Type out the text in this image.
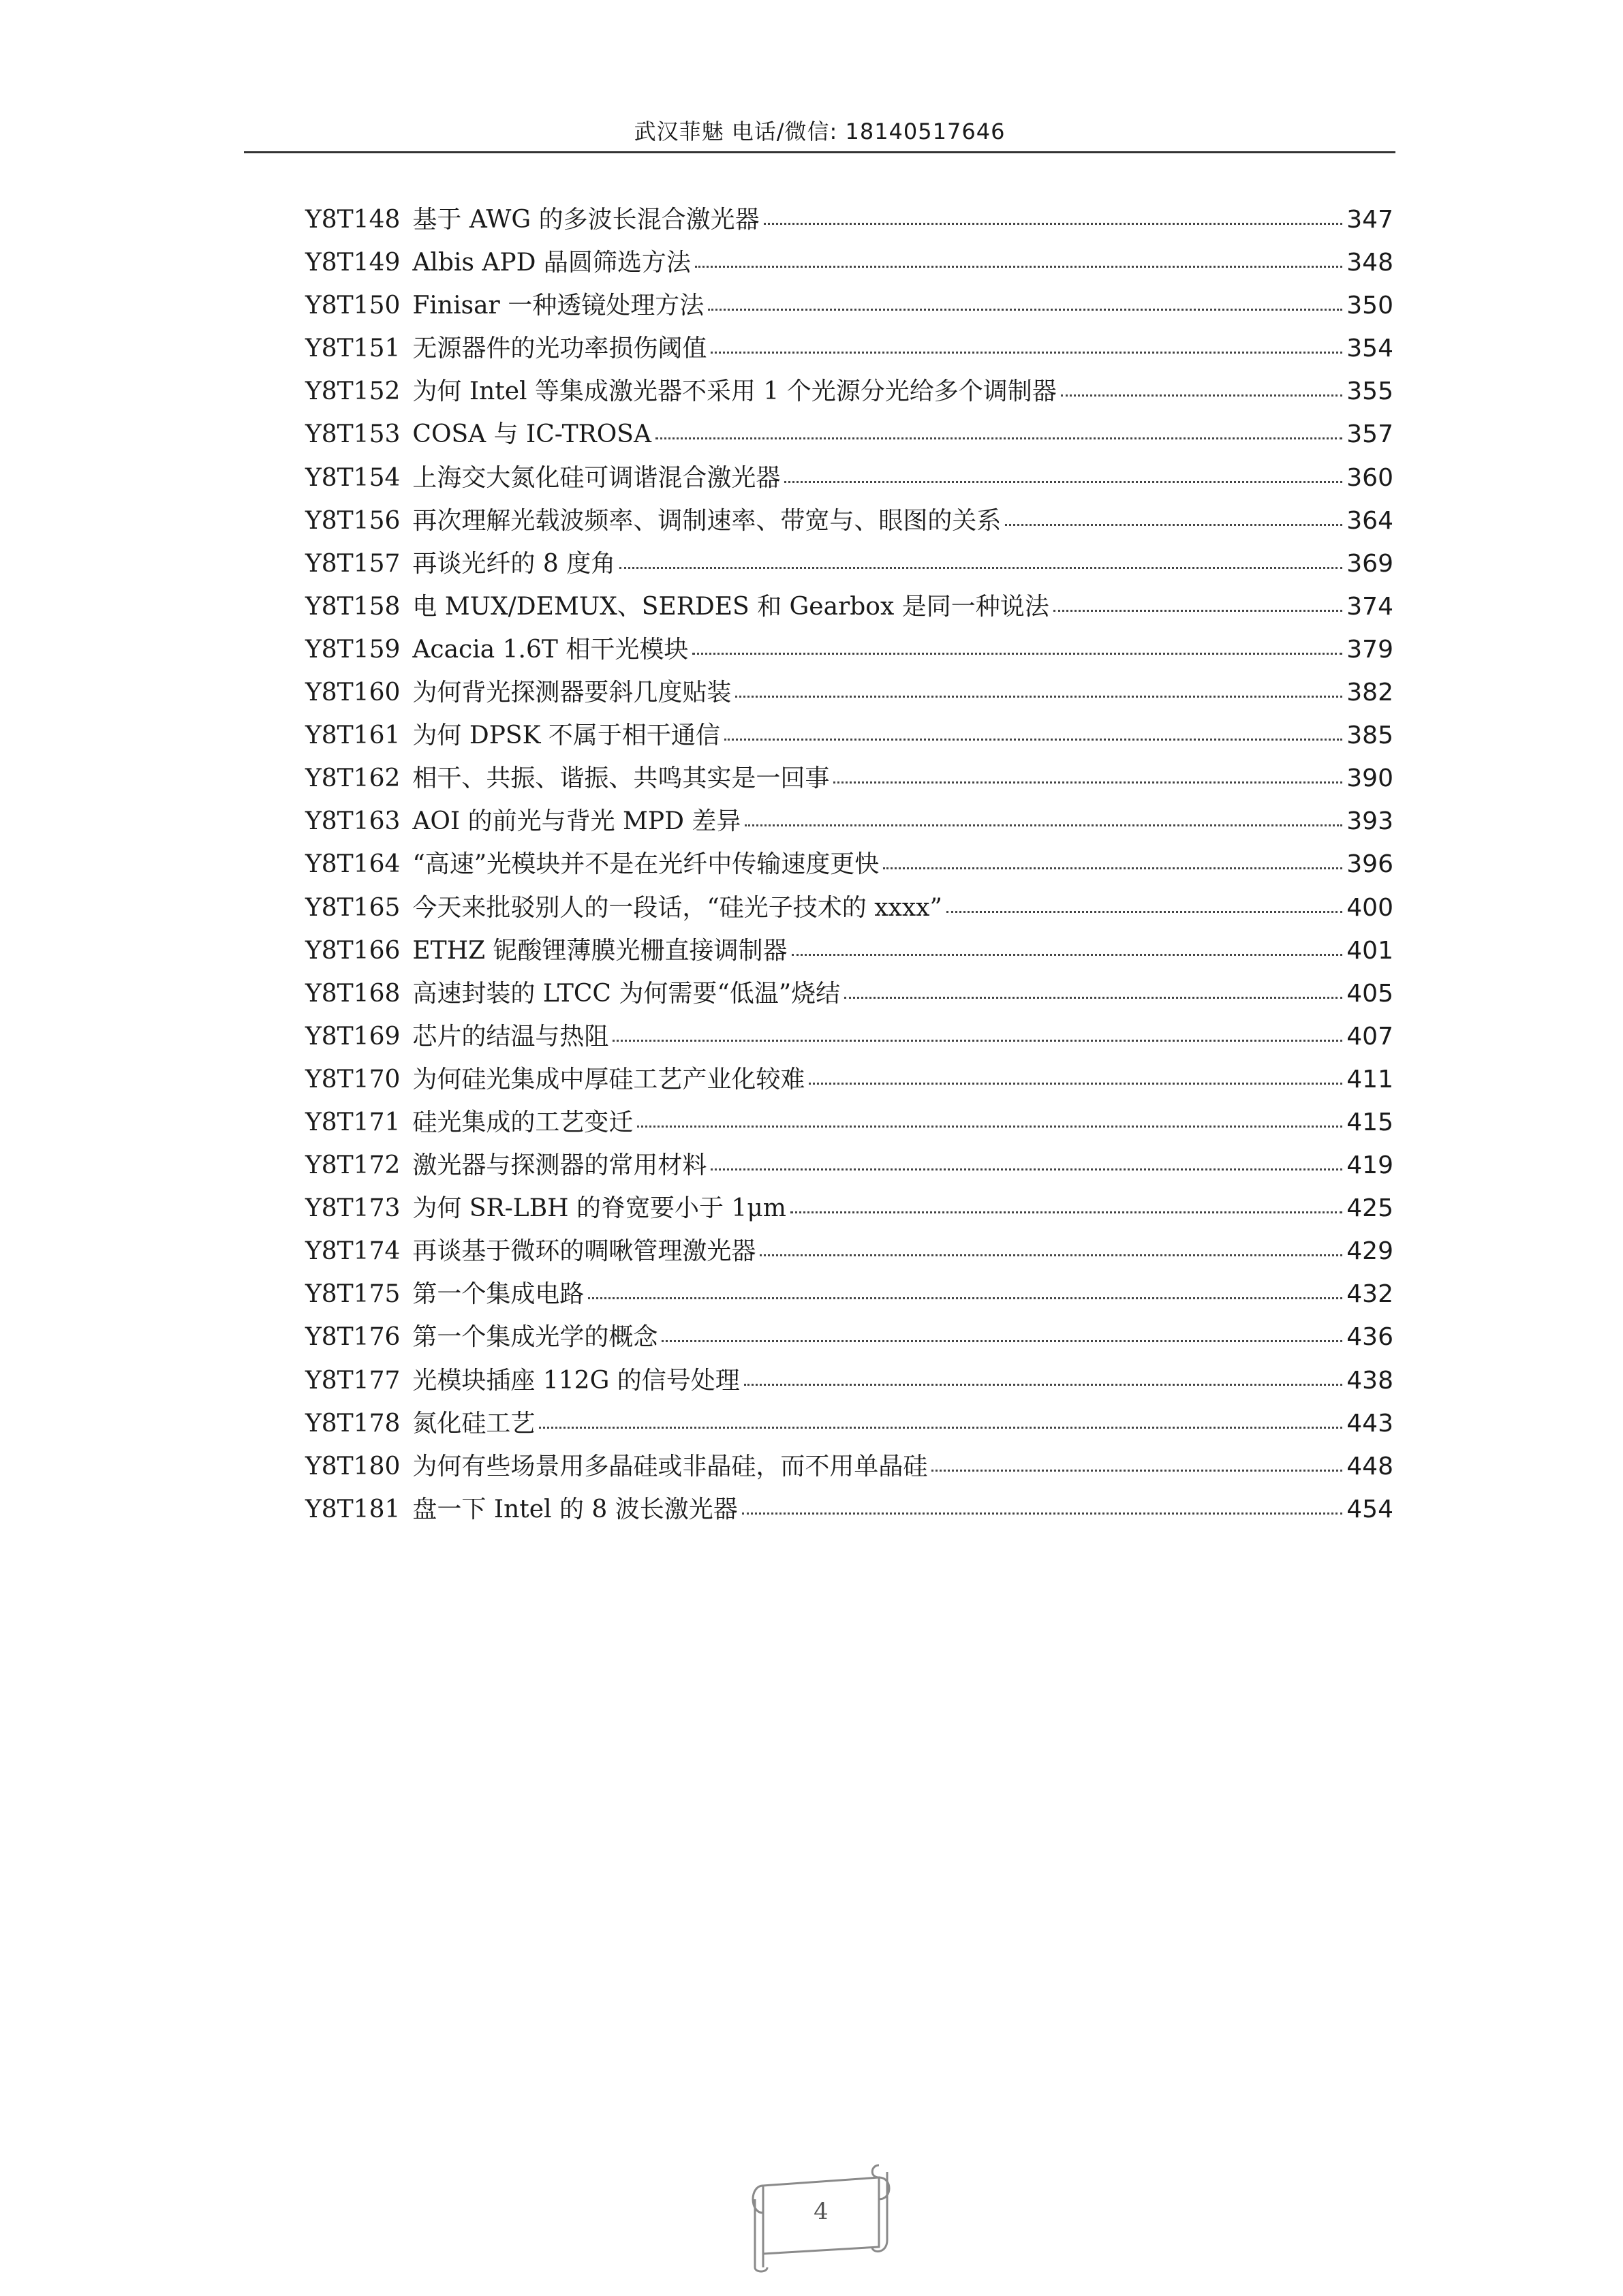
武汉菲魅 电话/微信: 18140517646
Y8T148 基于 AWG 的多波长混合激光器	347
Y8T149 Albis APD 晶圆筛选方法	348
Y8T150 Finisar 一种透镜处理方法	350
Y8T151 无源器件的光功率损伤阈值	354
Y8T152 为何 Intel 等集成激光器不采用 1 个光源分光给多个调制器	355
Y8T153 COSA 与 IC-TROSA	357
Y8T154 上海交大氮化硅可调谐混合激光器	360
Y8T156 再次理解光载波频率、调制速率、带宽与、眼图的关系	364
Y8T157 再谈光纤的 8 度角	369
Y8T158 电 MUX/DEMUX、SERDES 和 Gearbox 是同一种说法	374
Y8T159 Acacia 1.6T 相干光模块	379
Y8T160 为何背光探测器要斜几度贴装	382
Y8T161 为何 DPSK 不属于相干通信	385
Y8T162 相干、共振、谐振、共鸣其实是一回事	390
Y8T163 AOI 的前光与背光 MPD 差异	393
Y8T164 “高速”光模块并不是在光纤中传输速度更快	396
Y8T165 今天来批驳别人的一段话，“硅光子技术的 xxxx”	400
Y8T166 ETHZ 铌酸锂薄膜光栅直接调制器	401
Y8T168 高速封装的 LTCC 为何需要“低温”烧结	405
Y8T169 芯片的结温与热阻	407
Y8T170 为何硅光集成中厚硅工艺产业化较难	411
Y8T171 硅光集成的工艺变迁	415
Y8T172 激光器与探测器的常用材料	419
Y8T173 为何 SR-LBH 的脊宽要小于 1μm	425
Y8T174 再谈基于微环的啁啾管理激光器	429
Y8T175 第一个集成电路	432
Y8T176 第一个集成光学的概念	436
Y8T177 光模块插座 112G 的信号处理	438
Y8T178 氮化硅工艺	443
Y8T180 为何有些场景用多晶硅或非晶硅，而不用单晶硅	448
Y8T181 盘一下 Intel 的 8 波长激光器	454
4
